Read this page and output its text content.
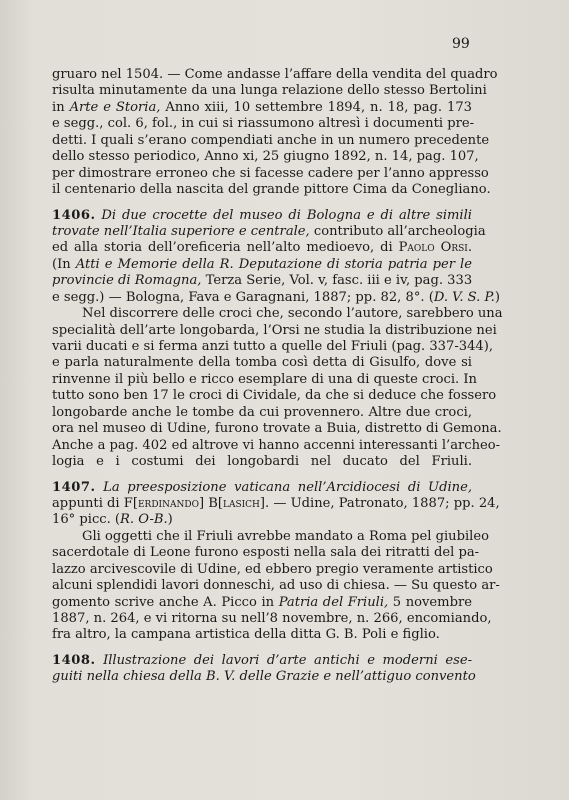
99
gruaro nel 1504. — Come andasse l’affare della vendita del quadro
risulta minutamente da una lunga relazione dello stesso Bertolini
in Arte e Storia, Anno xiii, 10 settembre 1894, n. 18, pag. 173
e segg., col. 6, fol., in cui si riassumono altresì i documenti pre-
detti. I quali s’erano compendiati anche in un numero precedente
dello stesso periodico, Anno xi, 25 giugno 1892, n. 14, pag. 107,
per dimostrare erroneo che si facesse cadere per l’anno appresso
il centenario della nascita del grande pittore Cima da Conegliano.
1406. Di due crocette del museo di Bologna e di altre simili
trovate nell’Italia superiore e centrale, contributo all’archeologia
ed alla storia dell’oreficeria nell’alto medioevo, di Paolo Orsi.
(In Atti e Memorie della R. Deputazione di storia patria per le
provincie di Romagna, Terza Serie, Vol. v, fasc. iii e iv, pag. 333
e segg.) — Bologna, Fava e Garagnani, 1887; pp. 82, 8°. (D. V. S. P.)
Nel discorrere delle croci che, secondo l’autore, sarebbero una
specialità dell’arte longobarda, l’Orsi ne studia la distribuzione nei
varii ducati e si ferma anzi tutto a quelle del Friuli (pag. 337-344),
e parla naturalmente della tomba così detta di Gisulfo, dove si
rinvenne il più bello e ricco esemplare di una di queste croci. In
tutto sono ben 17 le croci di Cividale, da che si deduce che fossero
longobarde anche le tombe da cui provennero. Altre due croci,
ora nel museo di Udine, furono trovate a Buia, distretto di Gemona.
Anche a pag. 402 ed altrove vi hanno accenni interessanti l’archeo-
logia e i costumi dei longobardi nel ducato del Friuli.
1407. La preesposizione vaticana nell’Arcidiocesi di Udine,
appunti di F[erdinando] B[lasich]. — Udine, Patronato, 1887; pp. 24,
16° picc. (R. O-B.)
Gli oggetti che il Friuli avrebbe mandato a Roma pel giubileo
sacerdotale di Leone furono esposti nella sala dei ritratti del pa-
lazzo arcivescovile di Udine, ed ebbero pregio veramente artistico
alcuni splendidi lavori donneschi, ad uso di chiesa. — Su questo ar-
gomento scrive anche A. Picco in Patria del Friuli, 5 novembre
1887, n. 264, e vi ritorna su nell’8 novembre, n. 266, encomiando,
fra altro, la campana artistica della ditta G. B. Poli e figlio.
1408. Illustrazione dei lavori d’arte antichi e moderni ese-
guiti nella chiesa della B. V. delle Grazie e nell’attiguo convento
